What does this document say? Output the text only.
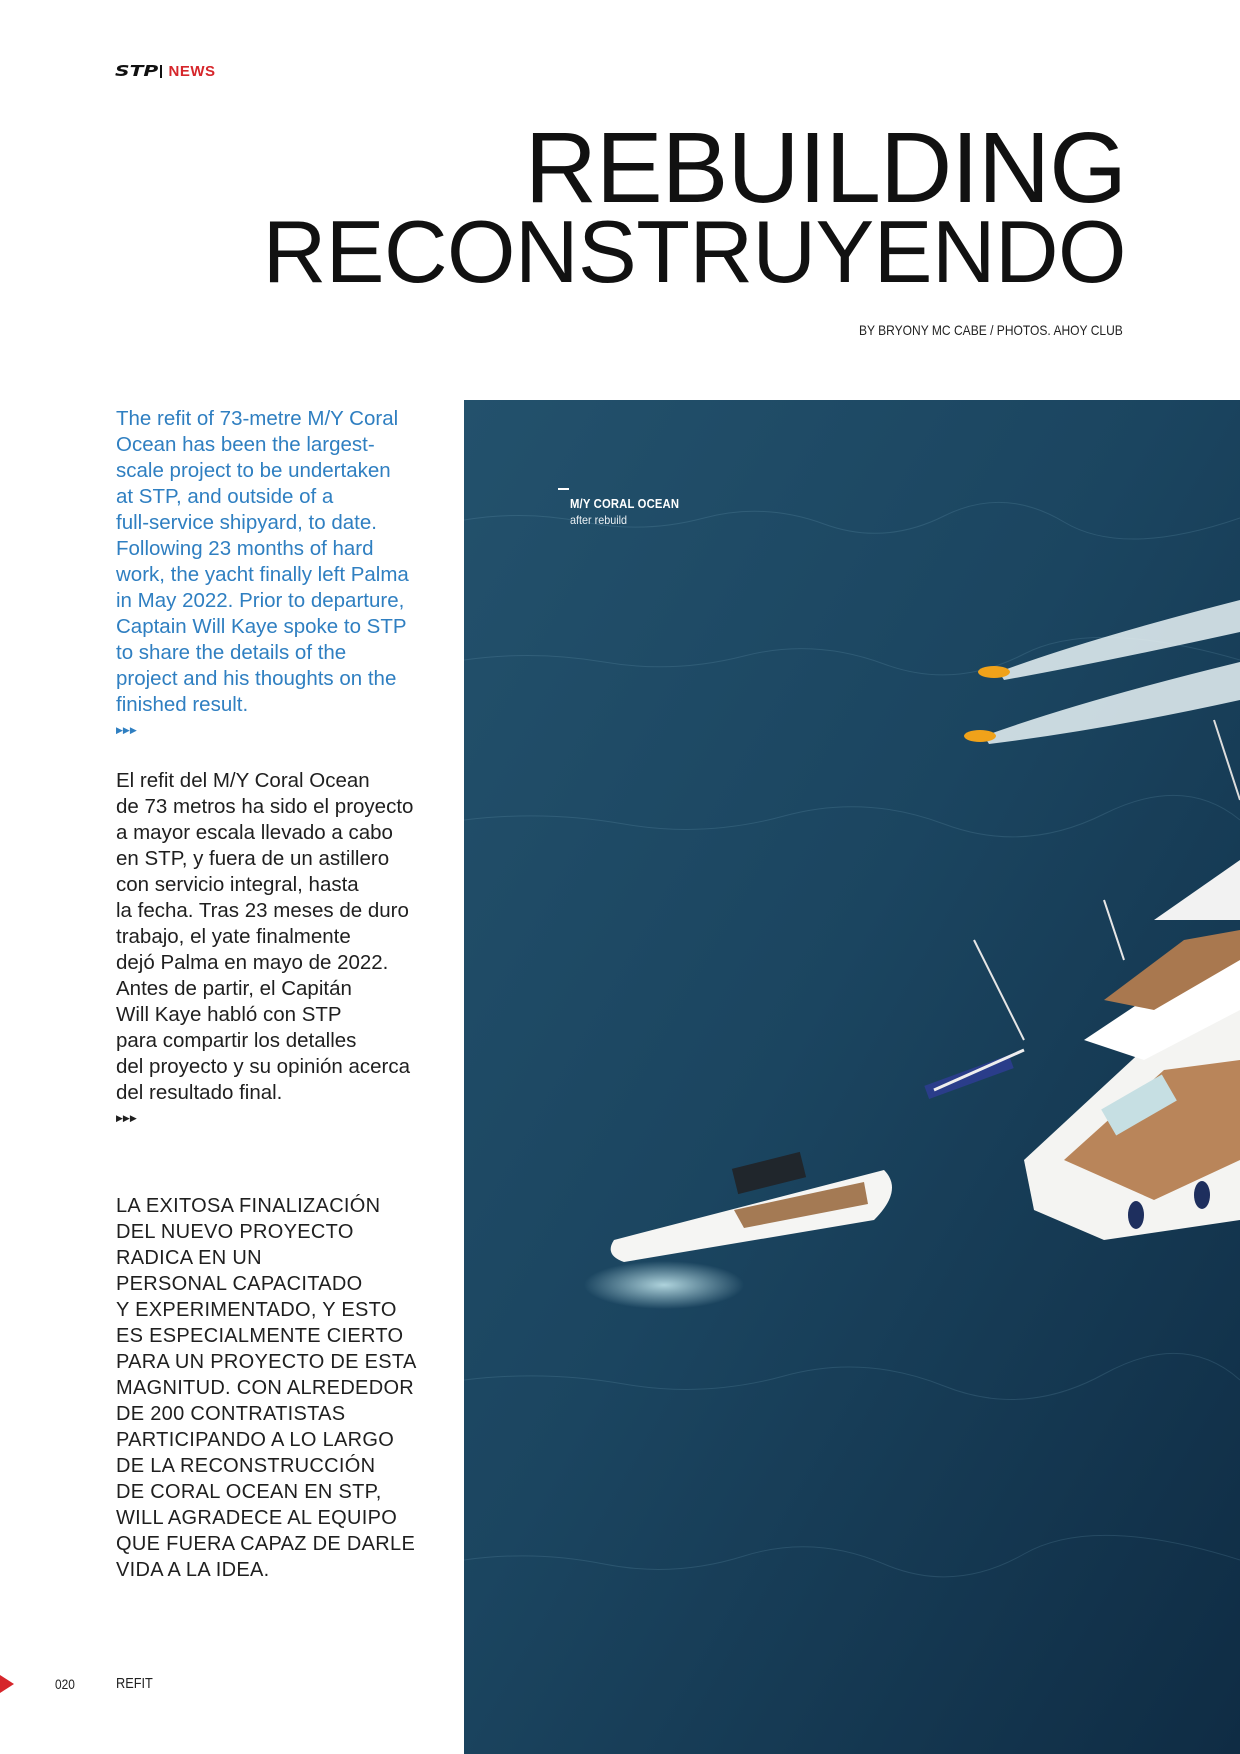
STP NEWS
REBUILDING
RECONSTRUYENDO
BY BRYONY MC CABE / PHOTOS. AHOY CLUB

The refit of 73-metre M/Y Coral
Ocean has been the largest-
scale project to be undertaken
at STP, and outside of a
full-service shipyard, to date.
Following 23 months of hard
work, the yacht finally left Palma
in May 2022. Prior to departure,
Captain Will Kaye spoke to STP
to share the details of the
project and his thoughts on the
finished result.

▶▶▶

El refit del M/Y Coral Ocean
de 73 metros ha sido el proyecto
a mayor escala llevado a cabo
en STP, y fuera de un astillero
con servicio integral, hasta
la fecha. Tras 23 meses de duro
trabajo, el yate finalmente
dejó Palma en mayo de 2022.
Antes de partir, el Capitán
Will Kaye habló con STP
para compartir los detalles
del proyecto y su opinión acerca
del resultado final.

▶▶▶

LA EXITOSA FINALIZACIÓN
DEL NUEVO PROYECTO
RADICA EN UN
PERSONAL CAPACITADO
Y EXPERIMENTADO, Y ESTO
ES ESPECIALMENTE CIERTO
PARA UN PROYECTO DE ESTA
MAGNITUD. CON ALREDEDOR
DE 200 CONTRATISTAS
PARTICIPANDO A LO LARGO
DE LA RECONSTRUCCIÓN
DE CORAL OCEAN EN STP,
WILL AGRADECE AL EQUIPO
QUE FUERA CAPAZ DE DARLE
VIDA A LA IDEA.

M/Y CORAL OCEAN
after rebuild
020	REFIT
